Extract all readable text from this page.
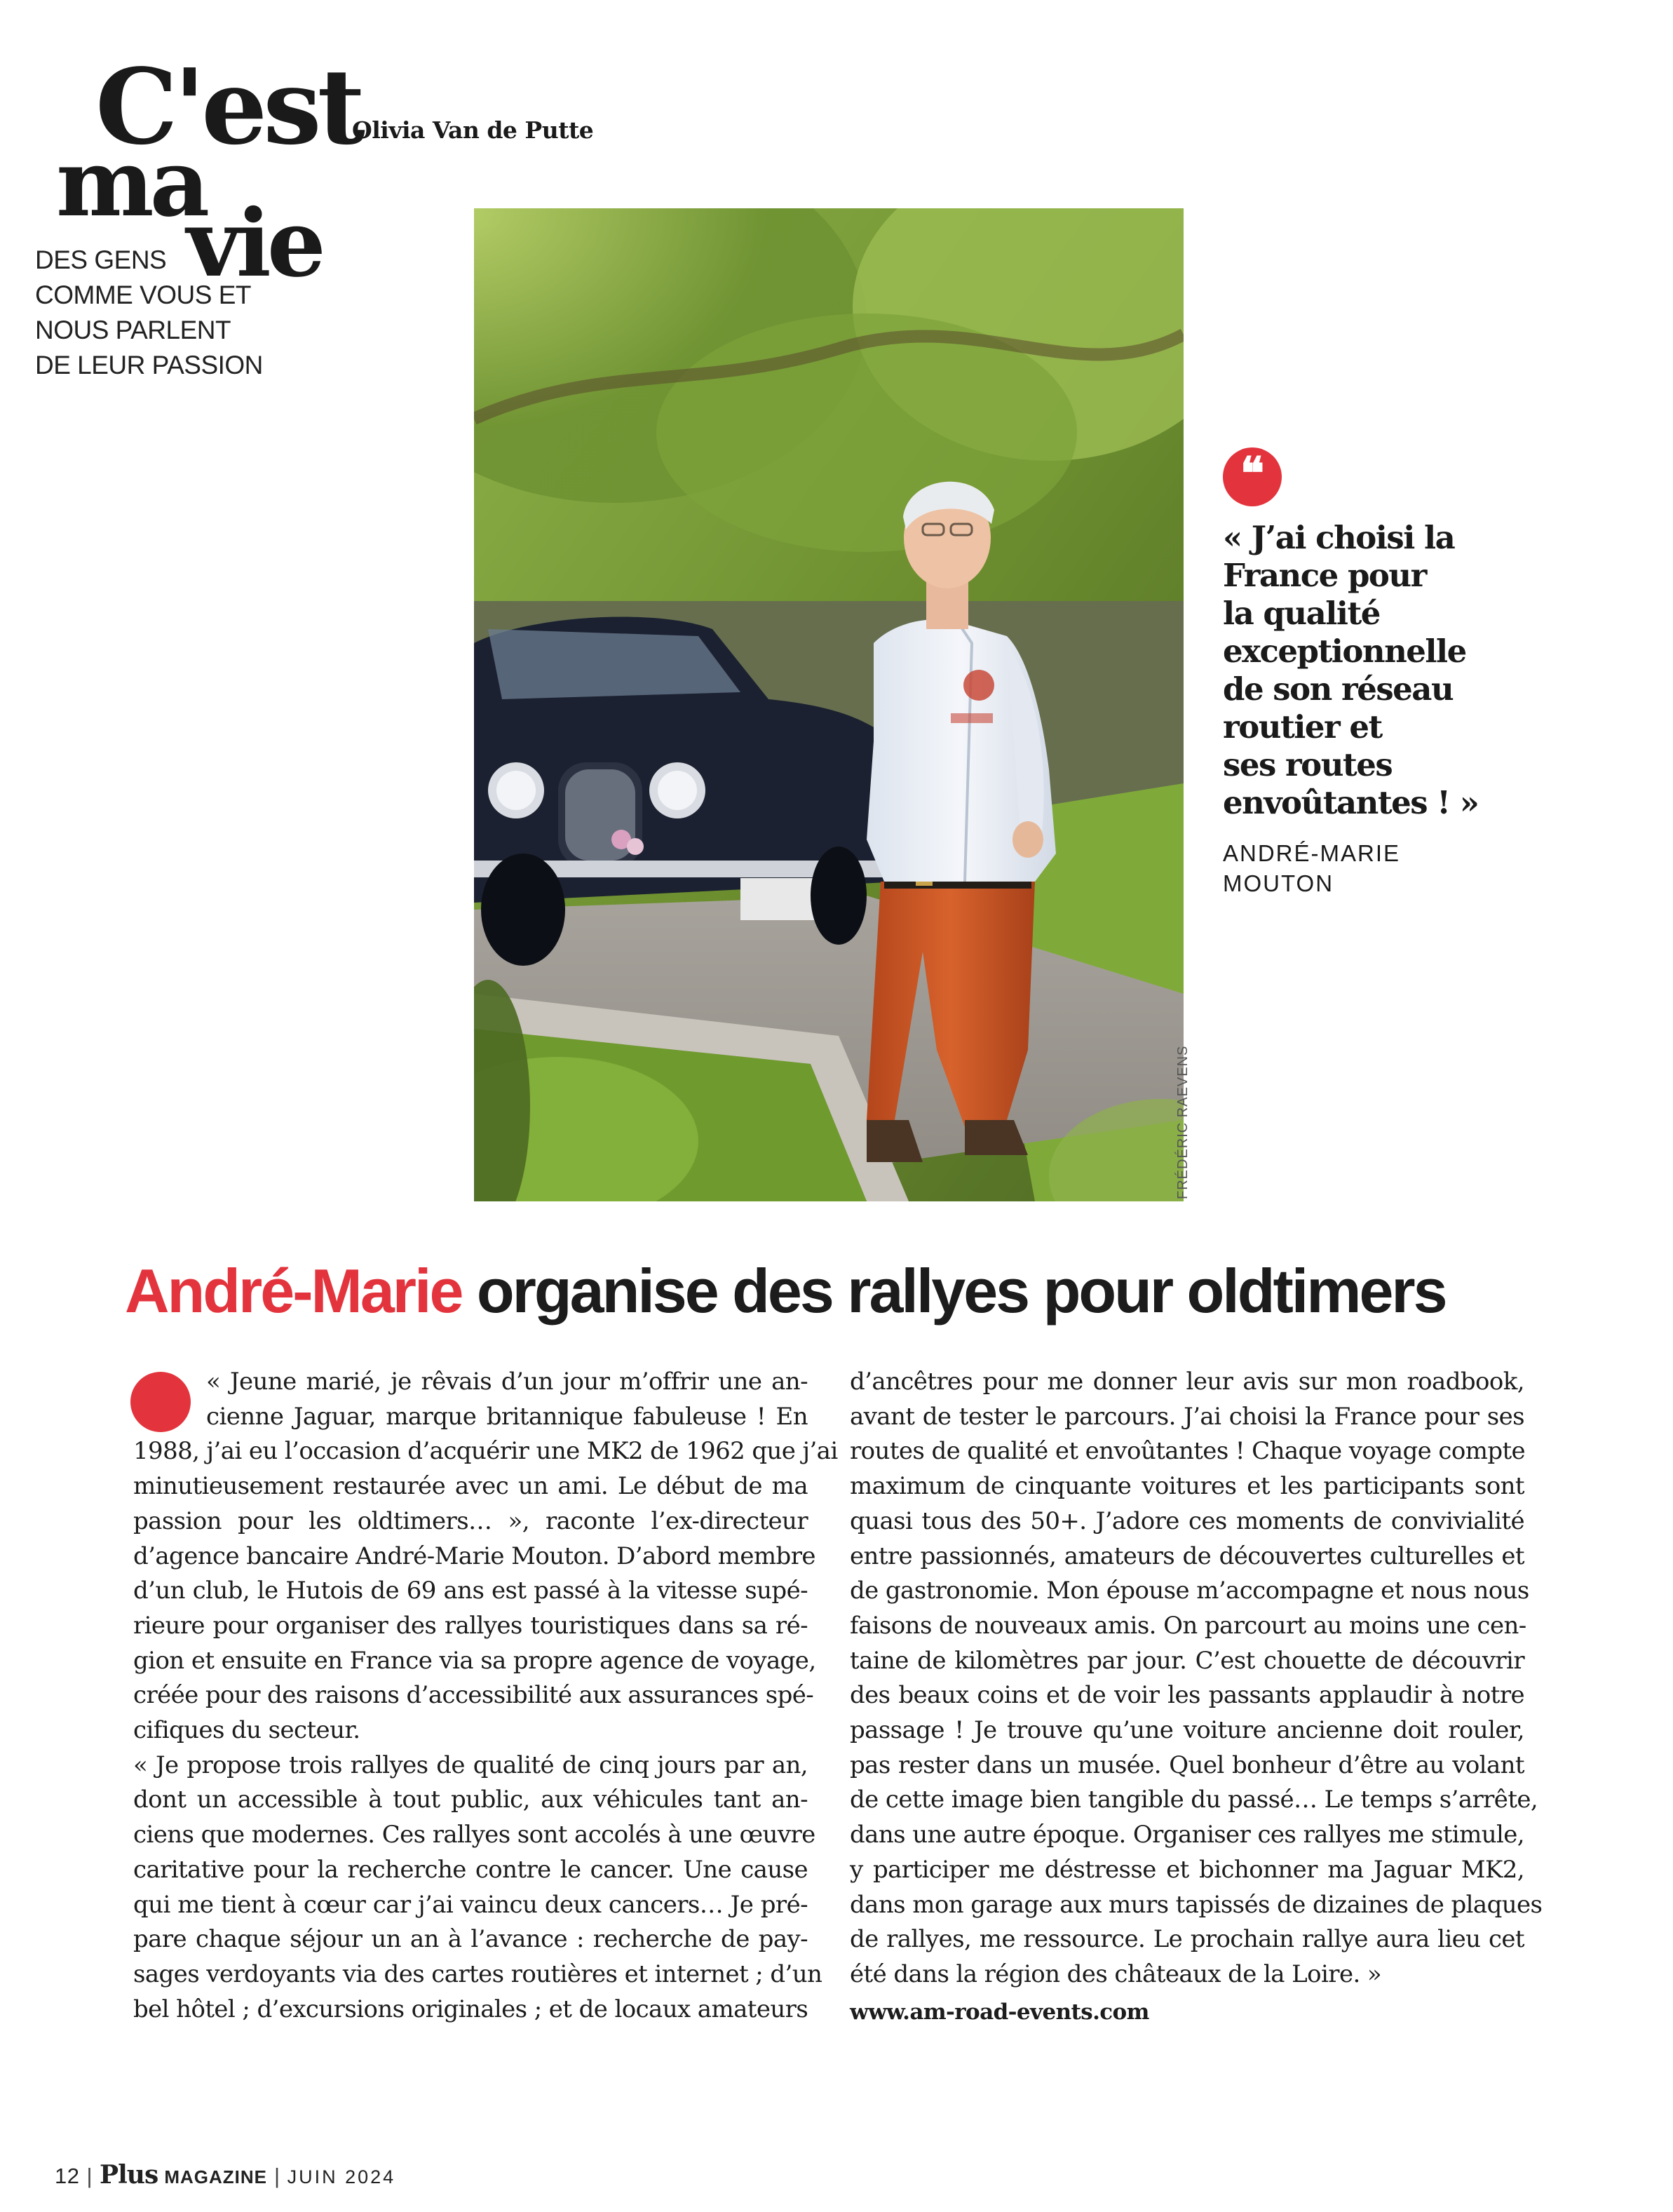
C'est
ma
vie
Olivia Van de Putte
DES GENS
COMME VOUS ET
NOUS PARLENT
DE LEUR PASSION
FRÉDÉRIC RAEVENS
❝
« J’ai choisi la
France pour
la qualité
exceptionnelle
de son réseau
routier et
ses routes
envoûtantes ! »
ANDRÉ-MARIE
MOUTON
André-Marie organise des rallyes pour oldtimers
« Jeune marié, je rêvais d’un jour m’offrir une an-
cienne Jaguar, marque britannique fabuleuse ! En
1988, j’ai eu l’occasion d’acquérir une MK2 de 1962 que j’ai
minutieusement restaurée avec un ami. Le début de ma
passion pour les oldtimers… », raconte l’ex-directeur
d’agence bancaire André-Marie Mouton. D’abord membre
d’un club, le Hutois de 69 ans est passé à la vitesse supé-
rieure pour organiser des rallyes touristiques dans sa ré-
gion et ensuite en France via sa propre agence de voyage,
créée pour des raisons d’accessibilité aux assurances spé-
cifiques du secteur.
« Je propose trois rallyes de qualité de cinq jours par an,
dont un accessible à tout public, aux véhicules tant an-
ciens que modernes. Ces rallyes sont accolés à une œuvre
caritative pour la recherche contre le cancer. Une cause
qui me tient à cœur car j’ai vaincu deux cancers… Je pré-
pare chaque séjour un an à l’avance : recherche de pay-
sages verdoyants via des cartes routières et internet ; d’un
bel hôtel ; d’excursions originales ; et de locaux amateurs
d’ancêtres pour me donner leur avis sur mon roadbook,
avant de tester le parcours. J’ai choisi la France pour ses
routes de qualité et envoûtantes ! Chaque voyage compte
maximum de cinquante voitures et les participants sont
quasi tous des 50+. J’adore ces moments de convivialité
entre passionnés, amateurs de découvertes culturelles et
de gastronomie. Mon épouse m’accompagne et nous nous
faisons de nouveaux amis. On parcourt au moins une cen-
taine de kilomètres par jour. C’est chouette de découvrir
des beaux coins et de voir les passants applaudir à notre
passage ! Je trouve qu’une voiture ancienne doit rouler,
pas rester dans un musée. Quel bonheur d’être au volant
de cette image bien tangible du passé… Le temps s’arrête,
dans une autre époque. Organiser ces rallyes me stimule,
y participer me déstresse et bichonner ma Jaguar MK2,
dans mon garage aux murs tapissés de dizaines de plaques
de rallyes, me ressource. Le prochain rallye aura lieu cet
été dans la région des châteaux de la Loire. »
www.am-road-events.com
12 | Plus MAGAZINE | JUIN 2024
